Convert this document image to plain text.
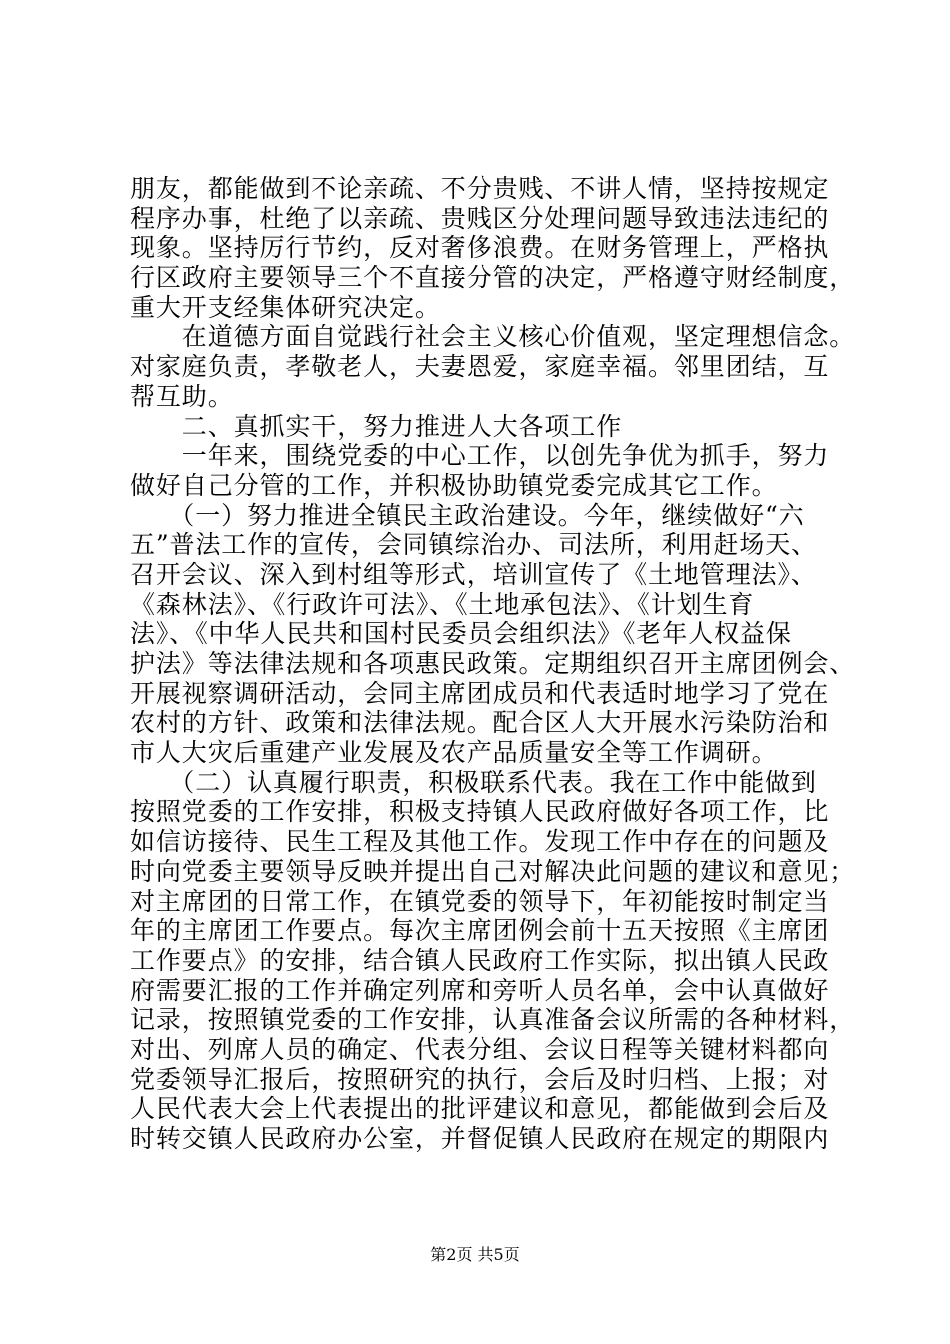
朋友，都能做到不论亲疏、不分贵贱、不讲人情，坚持按规定
程序办事，杜绝了以亲疏、贵贱区分处理问题导致违法违纪的
现象。坚持厉行节约，反对奢侈浪费。在财务管理上，严格执
行区政府主要领导三个不直接分管的决定，严格遵守财经制度，
重大开支经集体研究决定。
　　在道德方面自觉践行社会主义核心价值观，坚定理想信念。
对家庭负责，孝敬老人，夫妻恩爱，家庭幸福。邻里团结，互
帮互助。
　　二、真抓实干，努力推进人大各项工作
　　一年来，围绕党委的中心工作，以创先争优为抓手，努力
做好自己分管的工作，并积极协助镇党委完成其它工作。
　　（一）努力推进全镇民主政治建设。今年，继续做好“六
五”普法工作的宣传，会同镇综治办、司法所，利用赶场天、
召开会议、深入到村组等形式，培训宣传了《土地管理法》、
《森林法》、《行政许可法》、《土地承包法》、《计划生育
法》、《中华人民共和国村民委员会组织法》《老年人权益保
护法》等法律法规和各项惠民政策。定期组织召开主席团例会、
开展视察调研活动，会同主席团成员和代表适时地学习了党在
农村的方针、政策和法律法规。配合区人大开展水污染防治和
市人大灾后重建产业发展及农产品质量安全等工作调研。
　　（二）认真履行职责，积极联系代表。我在工作中能做到
按照党委的工作安排，积极支持镇人民政府做好各项工作，比
如信访接待、民生工程及其他工作。发现工作中存在的问题及
时向党委主要领导反映并提出自己对解决此问题的建议和意见；
对主席团的日常工作，在镇党委的领导下，年初能按时制定当
年的主席团工作要点。每次主席团例会前十五天按照《主席团
工作要点》的安排，结合镇人民政府工作实际，拟出镇人民政
府需要汇报的工作并确定列席和旁听人员名单，会中认真做好
记录，按照镇党委的工作安排，认真准备会议所需的各种材料，
对出、列席人员的确定、代表分组、会议日程等关键材料都向
党委领导汇报后，按照研究的执行，会后及时归档、上报；对
人民代表大会上代表提出的批评建议和意见，都能做到会后及
时转交镇人民政府办公室，并督促镇人民政府在规定的期限内
第2页 共5页
